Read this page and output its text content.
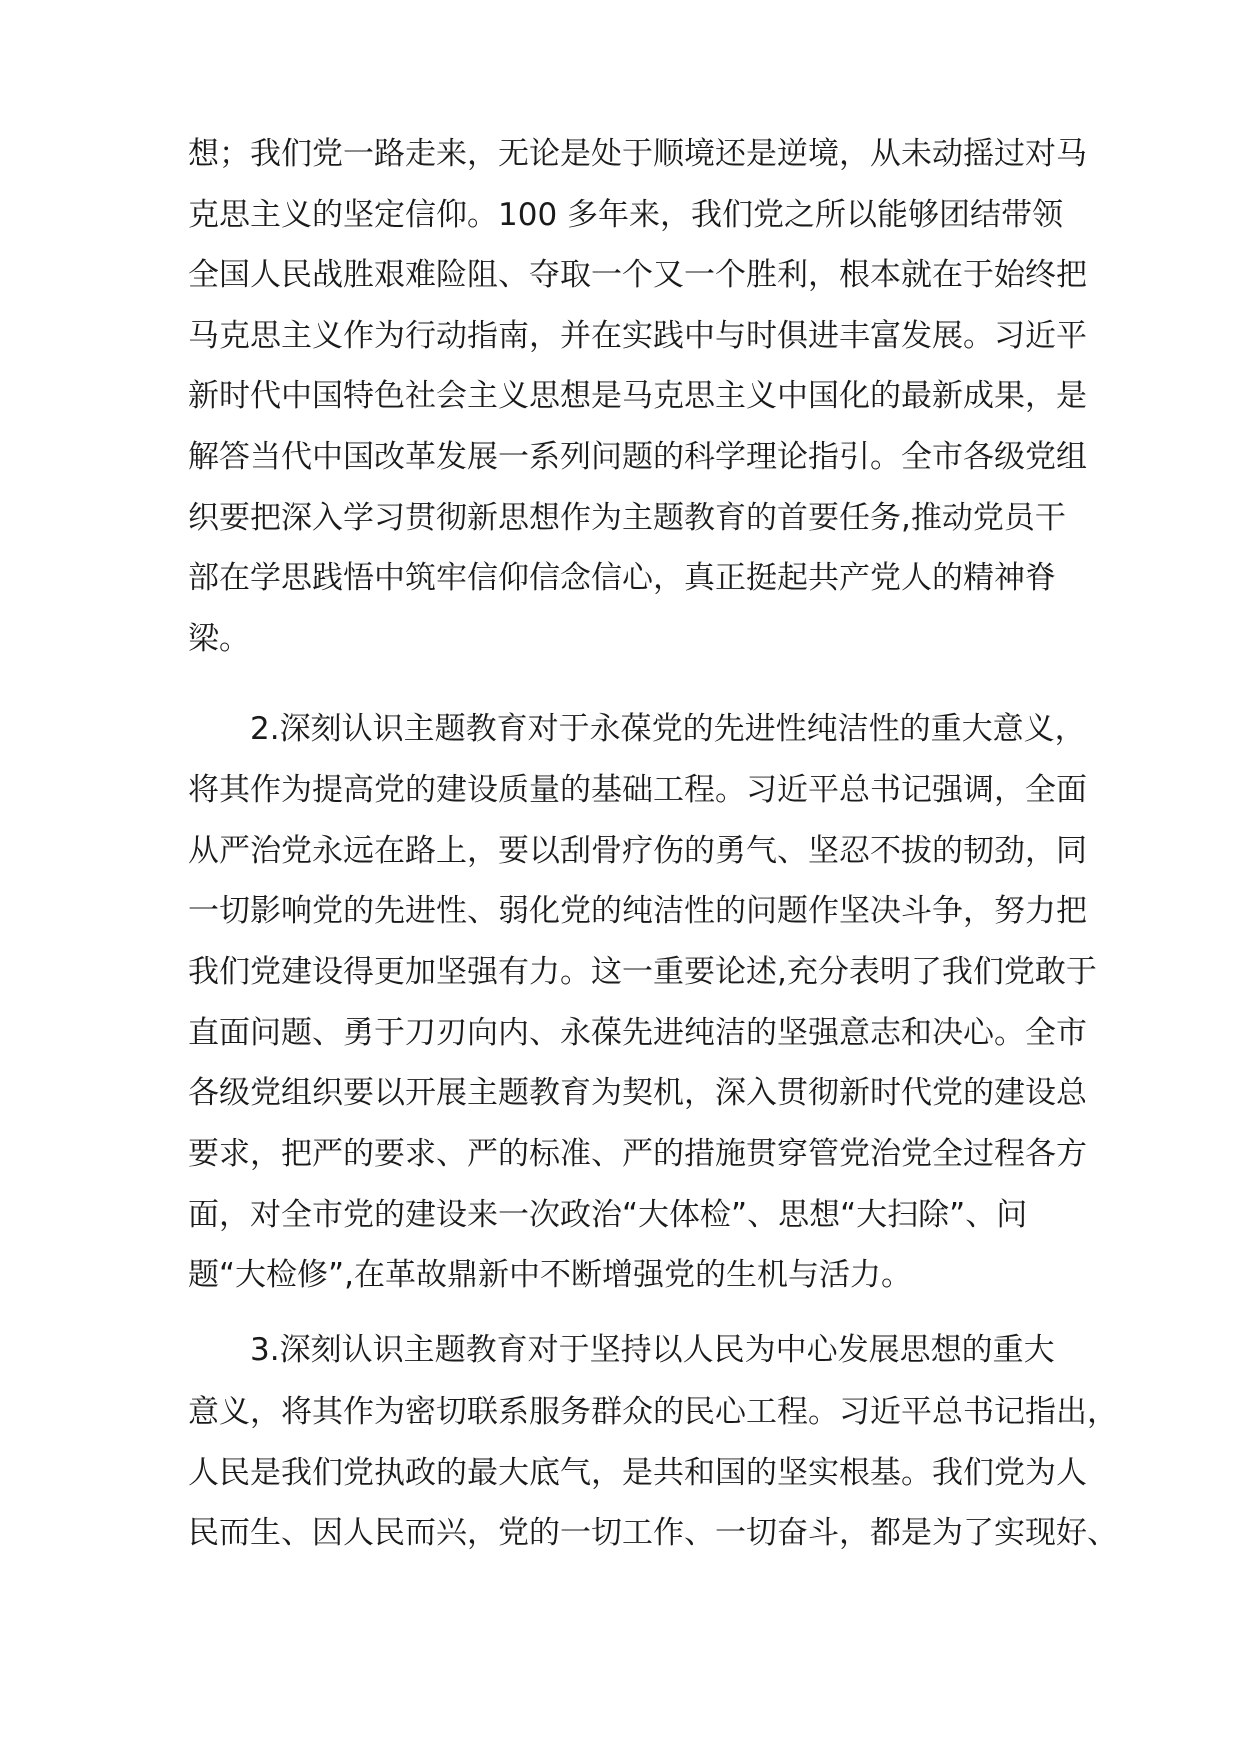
想；我们党一路走来，无论是处于顺境还是逆境，从未动摇过对马
克思主义的坚定信仰。100 多年来，我们党之所以能够团结带领
全国人民战胜艰难险阻、夺取一个又一个胜利，根本就在于始终把
马克思主义作为行动指南，并在实践中与时俱进丰富发展。习近平
新时代中国特色社会主义思想是马克思主义中国化的最新成果，是
解答当代中国改革发展一系列问题的科学理论指引。全市各级党组
织要把深入学习贯彻新思想作为主题教育的首要任务,推动党员干
部在学思践悟中筑牢信仰信念信心，真正挺起共产党人的精神脊
梁。
2.深刻认识主题教育对于永葆党的先进性纯洁性的重大意义，
将其作为提高党的建设质量的基础工程。习近平总书记强调，全面
从严治党永远在路上，要以刮骨疗伤的勇气、坚忍不拔的韧劲，同
一切影响党的先进性、弱化党的纯洁性的问题作坚决斗争，努力把
我们党建设得更加坚强有力。这一重要论述,充分表明了我们党敢于
直面问题、勇于刀刃向内、永葆先进纯洁的坚强意志和决心。全市
各级党组织要以开展主题教育为契机，深入贯彻新时代党的建设总
要求，把严的要求、严的标准、严的措施贯穿管党治党全过程各方
面，对全市党的建设来一次政治“大体检”、思想“大扫除”、问
题“大检修”,在革故鼎新中不断增强党的生机与活力。
3.深刻认识主题教育对于坚持以人民为中心发展思想的重大
意义，将其作为密切联系服务群众的民心工程。习近平总书记指出，
人民是我们党执政的最大底气，是共和国的坚实根基。我们党为人
民而生、因人民而兴，党的一切工作、一切奋斗，都是为了实现好、
